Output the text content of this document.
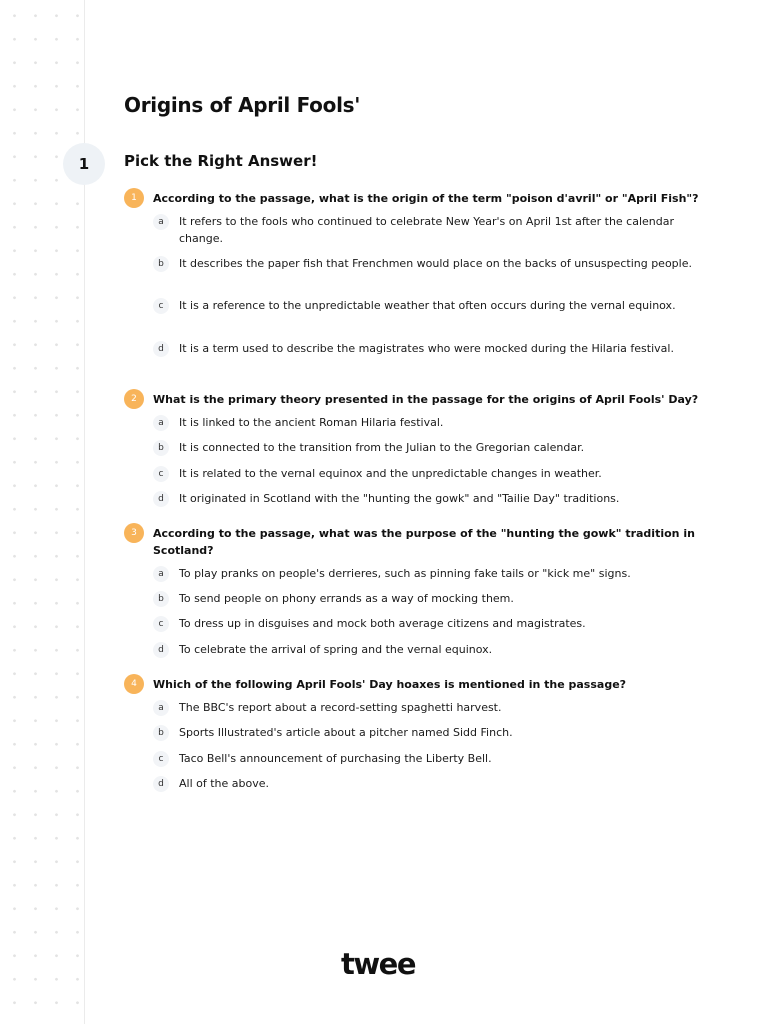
Origins of April Fools'
1	Pick the Right Answer!
1	According to the passage, what is the origin of the term "poison d'avril" or "April Fish"?
a	It refers to the fools who continued to celebrate New Year's on April 1st after the calendar change.
b	It describes the paper fish that Frenchmen would place on the backs of unsuspecting people.
c	It is a reference to the unpredictable weather that often occurs during the vernal equinox.
d	It is a term used to describe the magistrates who were mocked during the Hilaria festival.
2	What is the primary theory presented in the passage for the origins of April Fools' Day?
a	It is linked to the ancient Roman Hilaria festival.
b	It is connected to the transition from the Julian to the Gregorian calendar.
c	It is related to the vernal equinox and the unpredictable changes in weather.
d	It originated in Scotland with the "hunting the gowk" and "Tailie Day" traditions.
3	According to the passage, what was the purpose of the "hunting the gowk" tradition in Scotland?
a	To play pranks on people's derrieres, such as pinning fake tails or "kick me" signs.
b	To send people on phony errands as a way of mocking them.
c	To dress up in disguises and mock both average citizens and magistrates.
d	To celebrate the arrival of spring and the vernal equinox.
4	Which of the following April Fools' Day hoaxes is mentioned in the passage?
a	The BBC's report about a record-setting spaghetti harvest.
b	Sports Illustrated's article about a pitcher named Sidd Finch.
c	Taco Bell's announcement of purchasing the Liberty Bell.
d	All of the above.
twee
